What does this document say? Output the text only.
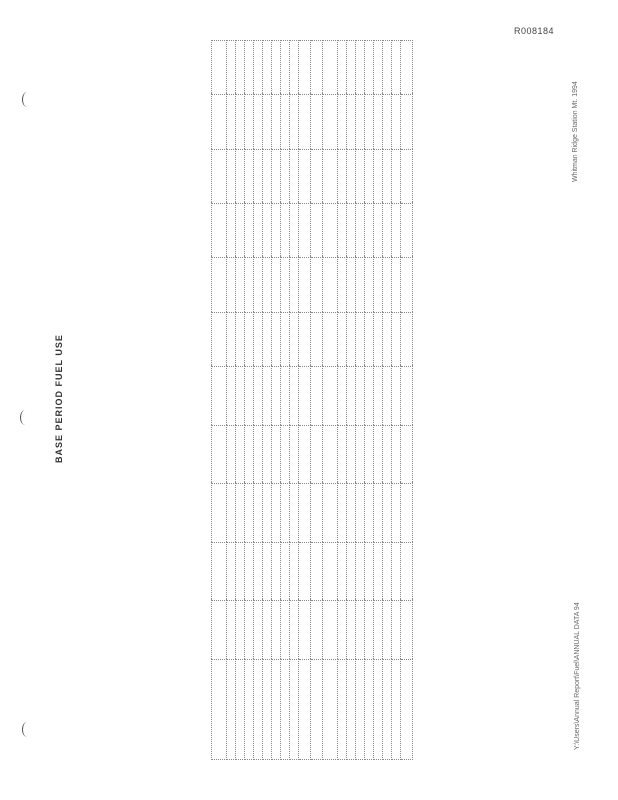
R008184
BASE PERIOD FUEL USE
Whitman Ridge Station Mt. 1994
Y:\Users\Annual Report\Fuel\ANNUAL DATA 94
